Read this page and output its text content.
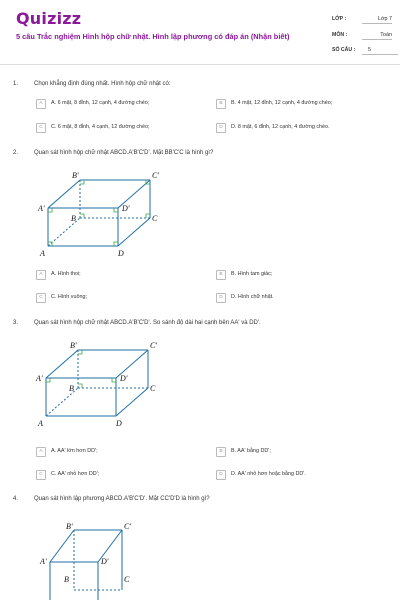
Quizizz
5 câu Trắc nghiệm Hình hộp chữ nhật. Hình lập phương có đáp án (Nhận biết)
LỚP :	Lớp 7
MÔN :	Toán
SỐ CÂU :	5
1.	Chọn khẳng định đúng nhất. Hình hộp chữ nhật có:
A	A. 6 mặt, 8 đỉnh, 12 cạnh, 4 đường chéo;	B	B. 4 mặt, 12 đỉnh, 12 cạnh, 4 đường chéo;
C	C. 6 mặt, 8 đỉnh, 4 cạnh, 12 đường chéo;	D	D. 8 mặt, 6 đỉnh, 12 cạnh, 4 đường chéo.
2.	Quan sát hình hộp chữ nhật ABCD.A'B'C'D'. Mặt BB'C'C là hình gì?
B'	C'
A'	D'
B	C
A	D
A	A. Hình thoi;	B	B. Hình tam giác;
C	C. Hình vuông;	D	D. Hình chữ nhật.
3.	Quan sát hình hộp chữ nhật ABCD.A'B'C'D'. So sánh độ dài hai cạnh bên AA' và DD'.
B'	C'
A'	D'
B	C
A	D
A	A. AA' lớn hơn DD';	B	B. AA' bằng DD';
C	C. AA' nhỏ hơn DD';	D	D. AA' nhỏ hơn hoặc bằng DD'.
4.	Quan sát hình lập phương ABCD.A'B'C'D'. Mặt CC'D'D là hình gì?
B'	C'
A'	D'
B	C
